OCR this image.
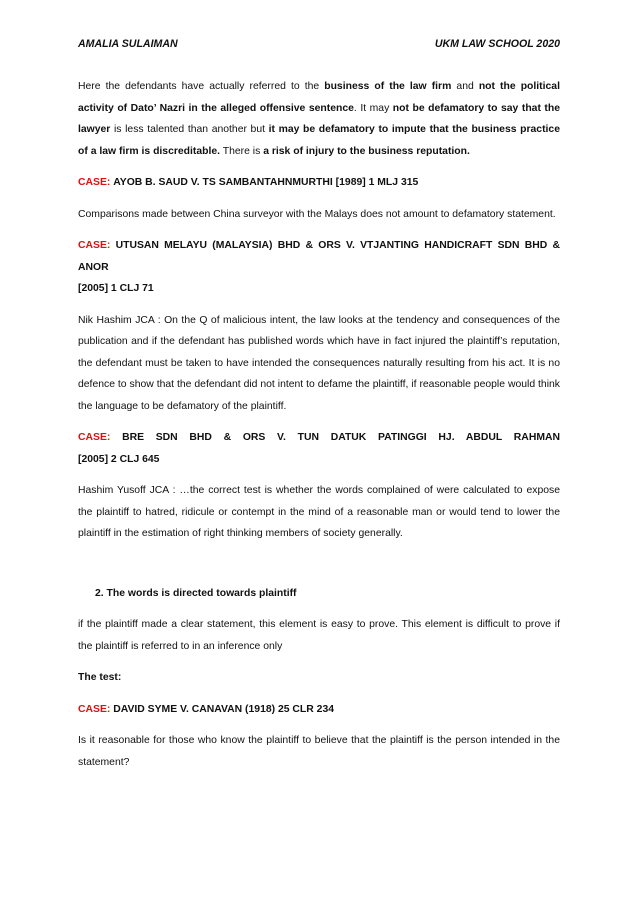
AMALIA SULAIMAN	UKM LAW SCHOOL 2020

Here the defendants have actually referred to the business of the law firm and not the political activity of Dato’ Nazri in the alleged offensive sentence. It may not be defamatory to say that the lawyer is less talented than another but it may be defamatory to impute that the business practice of a law firm is discreditable. There is a risk of injury to the business reputation.

CASE: AYOB B. SAUD V. TS SAMBANTAHNMURTHI [1989] 1 MLJ 315

Comparisons made between China surveyor with the Malays does not amount to defamatory statement.

CASE: UTUSAN MELAYU (MALAYSIA) BHD & ORS V. VTJANTING HANDICRAFT SDN BHD & ANOR
[2005] 1 CLJ 71

Nik Hashim JCA : On the Q of malicious intent, the law looks at the tendency and consequences of the publication and if the defendant has published words which have in fact injured the plaintiff’s reputation, the defendant must be taken to have intended the consequences naturally resulting from his act. It is no defence to show that the defendant did not intent to defame the plaintiff, if reasonable people would think the language to be defamatory of the plaintiff.

CASE: BRE SDN BHD & ORS V. TUN DATUK PATINGGI HJ. ABDUL RAHMAN
[2005] 2 CLJ 645

Hashim Yusoff JCA : …the correct test is whether the words complained of were calculated to expose the plaintiff to hatred, ridicule or contempt in the mind of a reasonable man or would tend to lower the plaintiff in the estimation of right thinking members of society generally.

2. The words is directed towards plaintiff

if the plaintiff made a clear statement, this element is easy to prove. This element is difficult to prove if the plaintiff is referred to in an inference only

The test:

CASE: DAVID SYME V. CANAVAN (1918) 25 CLR 234

Is it reasonable for those who know the plaintiff to believe that the plaintiff is the person intended in the statement?
